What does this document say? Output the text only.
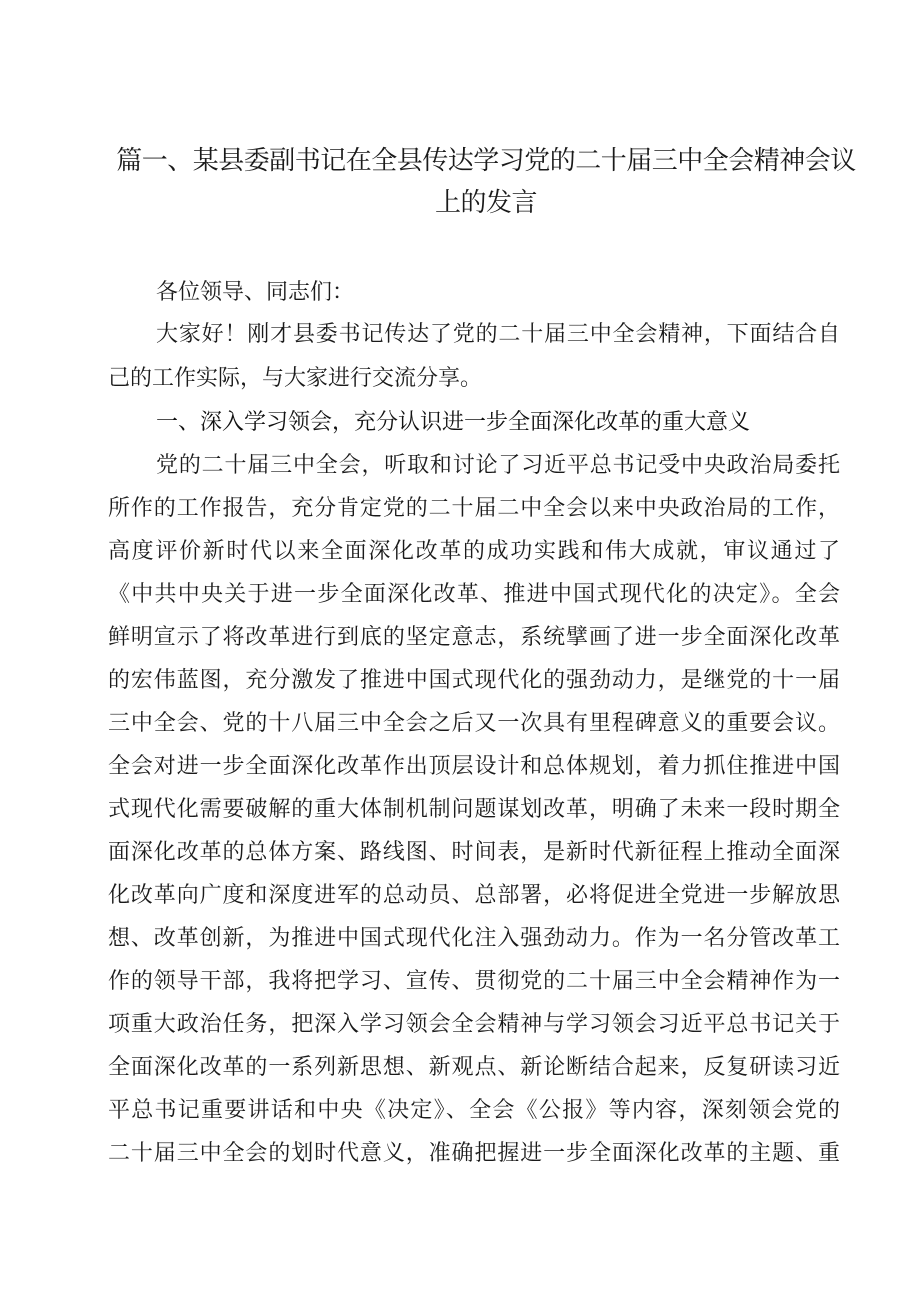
篇一、某县委副书记在全县传达学习党的二十届三中全会精神会议
上的发言
各位领导、同志们：
大家好！刚才县委书记传达了党的二十届三中全会精神，下面结合自
己的工作实际，与大家进行交流分享。
一、深入学习领会，充分认识进一步全面深化改革的重大意义
党的二十届三中全会，听取和讨论了习近平总书记受中央政治局委托
所作的工作报告，充分肯定党的二十届二中全会以来中央政治局的工作，
高度评价新时代以来全面深化改革的成功实践和伟大成就，审议通过了
《中共中央关于进一步全面深化改革、推进中国式现代化的决定》。全会
鲜明宣示了将改革进行到底的坚定意志，系统擘画了进一步全面深化改革
的宏伟蓝图，充分激发了推进中国式现代化的强劲动力，是继党的十一届
三中全会、党的十八届三中全会之后又一次具有里程碑意义的重要会议。
全会对进一步全面深化改革作出顶层设计和总体规划，着力抓住推进中国
式现代化需要破解的重大体制机制问题谋划改革，明确了未来一段时期全
面深化改革的总体方案、路线图、时间表，是新时代新征程上推动全面深
化改革向广度和深度进军的总动员、总部署，必将促进全党进一步解放思
想、改革创新，为推进中国式现代化注入强劲动力。作为一名分管改革工
作的领导干部，我将把学习、宣传、贯彻党的二十届三中全会精神作为一
项重大政治任务，把深入学习领会全会精神与学习领会习近平总书记关于
全面深化改革的一系列新思想、新观点、新论断结合起来，反复研读习近
平总书记重要讲话和中央《决定》、全会《公报》等内容，深刻领会党的
二十届三中全会的划时代意义，准确把握进一步全面深化改革的主题、重
